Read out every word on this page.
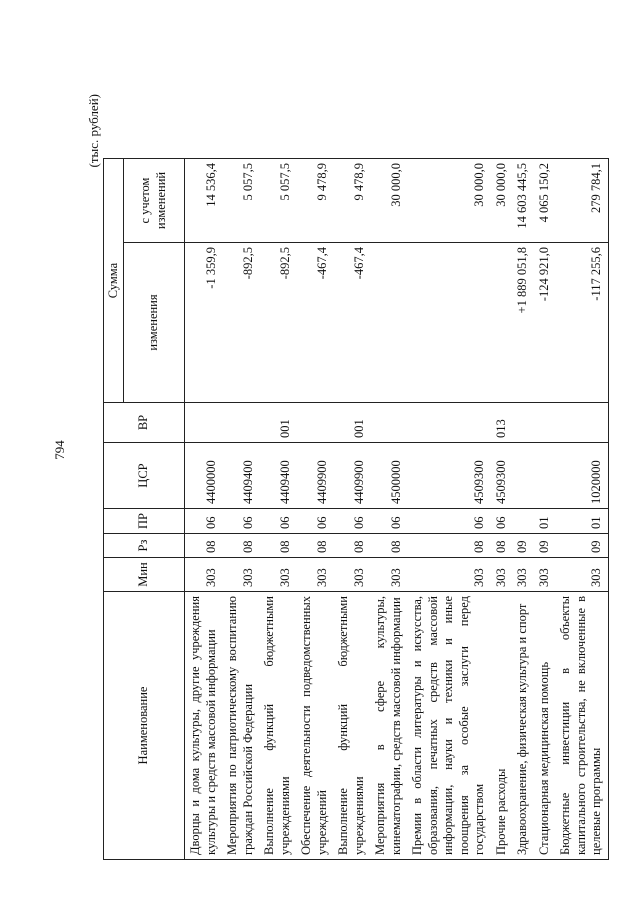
794
(тыс. рублей)
Наименование	Мин	Рз	ПР	ЦСР	ВР	Сумма	
						изменения	с учетом изменений
Дворцы и дома культуры, другие учреждения культуры и средств массовой информации	303	08	06	4400000		-1 359,9	14 536,4
Мероприятия по патриотическому воспитанию граждан Российской Федерации	303	08	06	4409400		-892,5	5 057,5
Выполнение функций бюджетными учреждениями	303	08	06	4409400	001	-892,5	5 057,5
Обеспечение деятельности подведомственных учреждений	303	08	06	4409900		-467,4	9 478,9
Выполнение функций бюджетными учреждениями	303	08	06	4409900	001	-467,4	9 478,9
Мероприятия в сфере культуры, кинематографии, средств массовой информации	303	08	06	4500000			30 000,0
Премии в области литературы и искусства, образования, печатных средств массовой информации, науки и техники и иные поощрения за особые заслуги перед государством	303	08	06	4509300			30 000,0
Прочие расходы	303	08	06	4509300	013		30 000,0
Здравоохранение, физическая культура и спорт	303	09				+1 889 051,8	14 603 445,5
Стационарная медицинская помощь	303	09	01			-124 921,0	4 065 150,2
Бюджетные инвестиции в объекты капитального строительства, не включенные в целевые программы	303	09	01	1020000		-117 255,6	279 784,1
